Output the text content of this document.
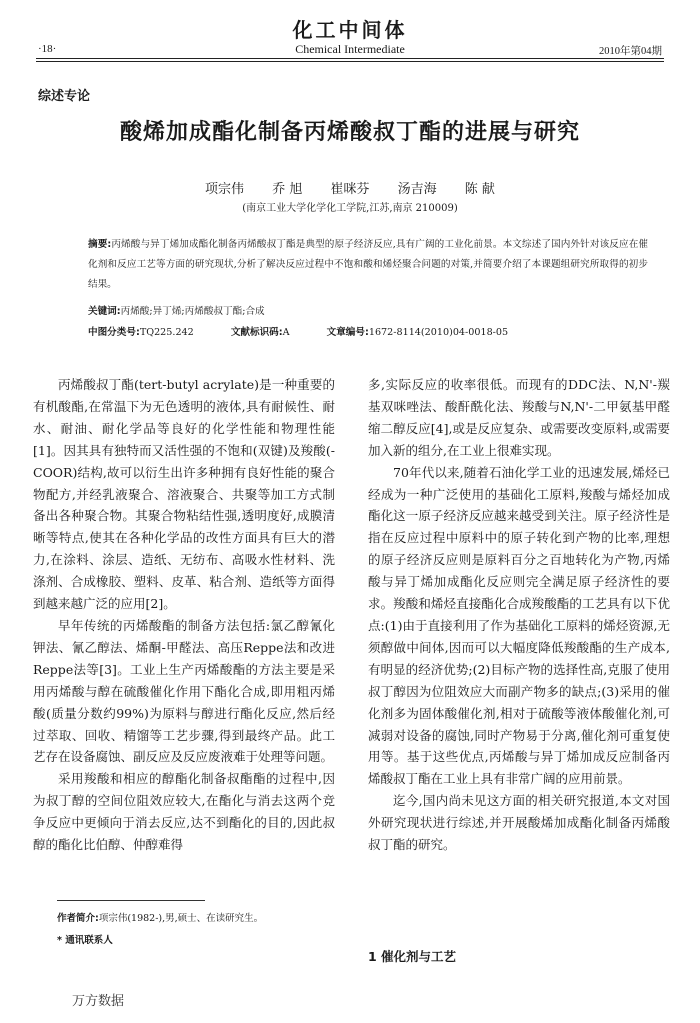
化工中间体
·18·	Chemical Intermediate	2010年第04期
综述专论
酸烯加成酯化制备丙烯酸叔丁酯的进展与研究
项宗伟 乔 旭 崔咪芬 汤吉海 陈 献
(南京工业大学化学化工学院,江苏,南京 210009)
摘要:丙烯酸与异丁烯加成酯化制备丙烯酸叔丁酯是典型的原子经济反应,具有广阔的工业化前景。本文综述了国内外针对该反应在催化剂和反应工艺等方面的研究现状,分析了解决反应过程中不饱和酸和烯烃聚合问题的对策,并简要介绍了本课题组研究所取得的初步结果。
关键词:丙烯酸;异丁烯;丙烯酸叔丁酯;合成
中图分类号:TQ225.242	文献标识码:A	文章编号:1672-8114(2010)04-0018-05

丙烯酸叔丁酯(tert-butyl acrylate)是一种重要的有机酸酯,在常温下为无色透明的液体,具有耐候性、耐水、耐油、耐化学品等良好的化学性能和物理性能[1]。因其具有独特而又活性强的不饱和(双键)及羧酸(-COOR)结构,故可以衍生出许多种拥有良好性能的聚合物配方,并经乳液聚合、溶液聚合、共聚等加工方式制备出各种聚合物。其聚合物粘结性强,透明度好,成膜清晰等特点,使其在各种化学品的改性方面具有巨大的潜力,在涂料、涂层、造纸、无纺布、高吸水性材料、洗涤剂、合成橡胶、塑料、皮革、粘合剂、造纸等方面得到越来越广泛的应用[2]。

早年传统的丙烯酸酯的制备方法包括:氯乙醇氰化钾法、氰乙醇法、烯酮-甲醛法、高压Reppe法和改进Reppe法等[3]。工业上生产丙烯酸酯的方法主要是采用丙烯酸与醇在硫酸催化作用下酯化合成,即用粗丙烯酸(质量分数约99%)为原料与醇进行酯化反应,然后经过萃取、回收、精馏等工艺步骤,得到最终产品。此工艺存在设备腐蚀、副反应及反应废液难于处理等问题。

采用羧酸和相应的醇酯化制备叔酯酯的过程中,因为叔丁醇的空间位阻效应较大,在酯化与消去这两个竞争反应中更倾向于消去反应,达不到酯化的目的,因此叔醇的酯化比伯醇、仲醇难得

多,实际反应的收率很低。而现有的DDC法、N,N'-羰基双咪唑法、酸酐酰化法、羧酸与N,N'-二甲氨基甲醛缩二醇反应[4],或是反应复杂、或需要改变原料,或需要加入新的组分,在工业上很难实现。

70年代以来,随着石油化学工业的迅速发展,烯烃已经成为一种广泛使用的基础化工原料,羧酸与烯烃加成酯化这一原子经济反应越来越受到关注。原子经济性是指在反应过程中原料中的原子转化到产物的比率,理想的原子经济反应则是原料百分之百地转化为产物,丙烯酸与异丁烯加成酯化反应则完全满足原子经济性的要求。羧酸和烯烃直接酯化合成羧酸酯的工艺具有以下优点:(1)由于直接利用了作为基础化工原料的烯烃资源,无须醇做中间体,因而可以大幅度降低羧酸酯的生产成本,有明显的经济优势;(2)目标产物的选择性高,克服了使用叔丁醇因为位阻效应大而副产物多的缺点;(3)采用的催化剂多为固体酸催化剂,相对于硫酸等液体酸催化剂,可减弱对设备的腐蚀,同时产物易于分离,催化剂可重复使用等。基于这些优点,丙烯酸与异丁烯加成反应制备丙烯酸叔丁酯在工业上具有非常广阔的应用前景。

迄今,国内尚未见这方面的相关研究报道,本文对国外研究现状进行综述,并开展酸烯加成酯化制备丙烯酸叔丁酯的研究。

作者简介:项宗伟(1982-),男,硕士、在读研究生。
* 通讯联系人
1 催化剂与工艺
万方数据
